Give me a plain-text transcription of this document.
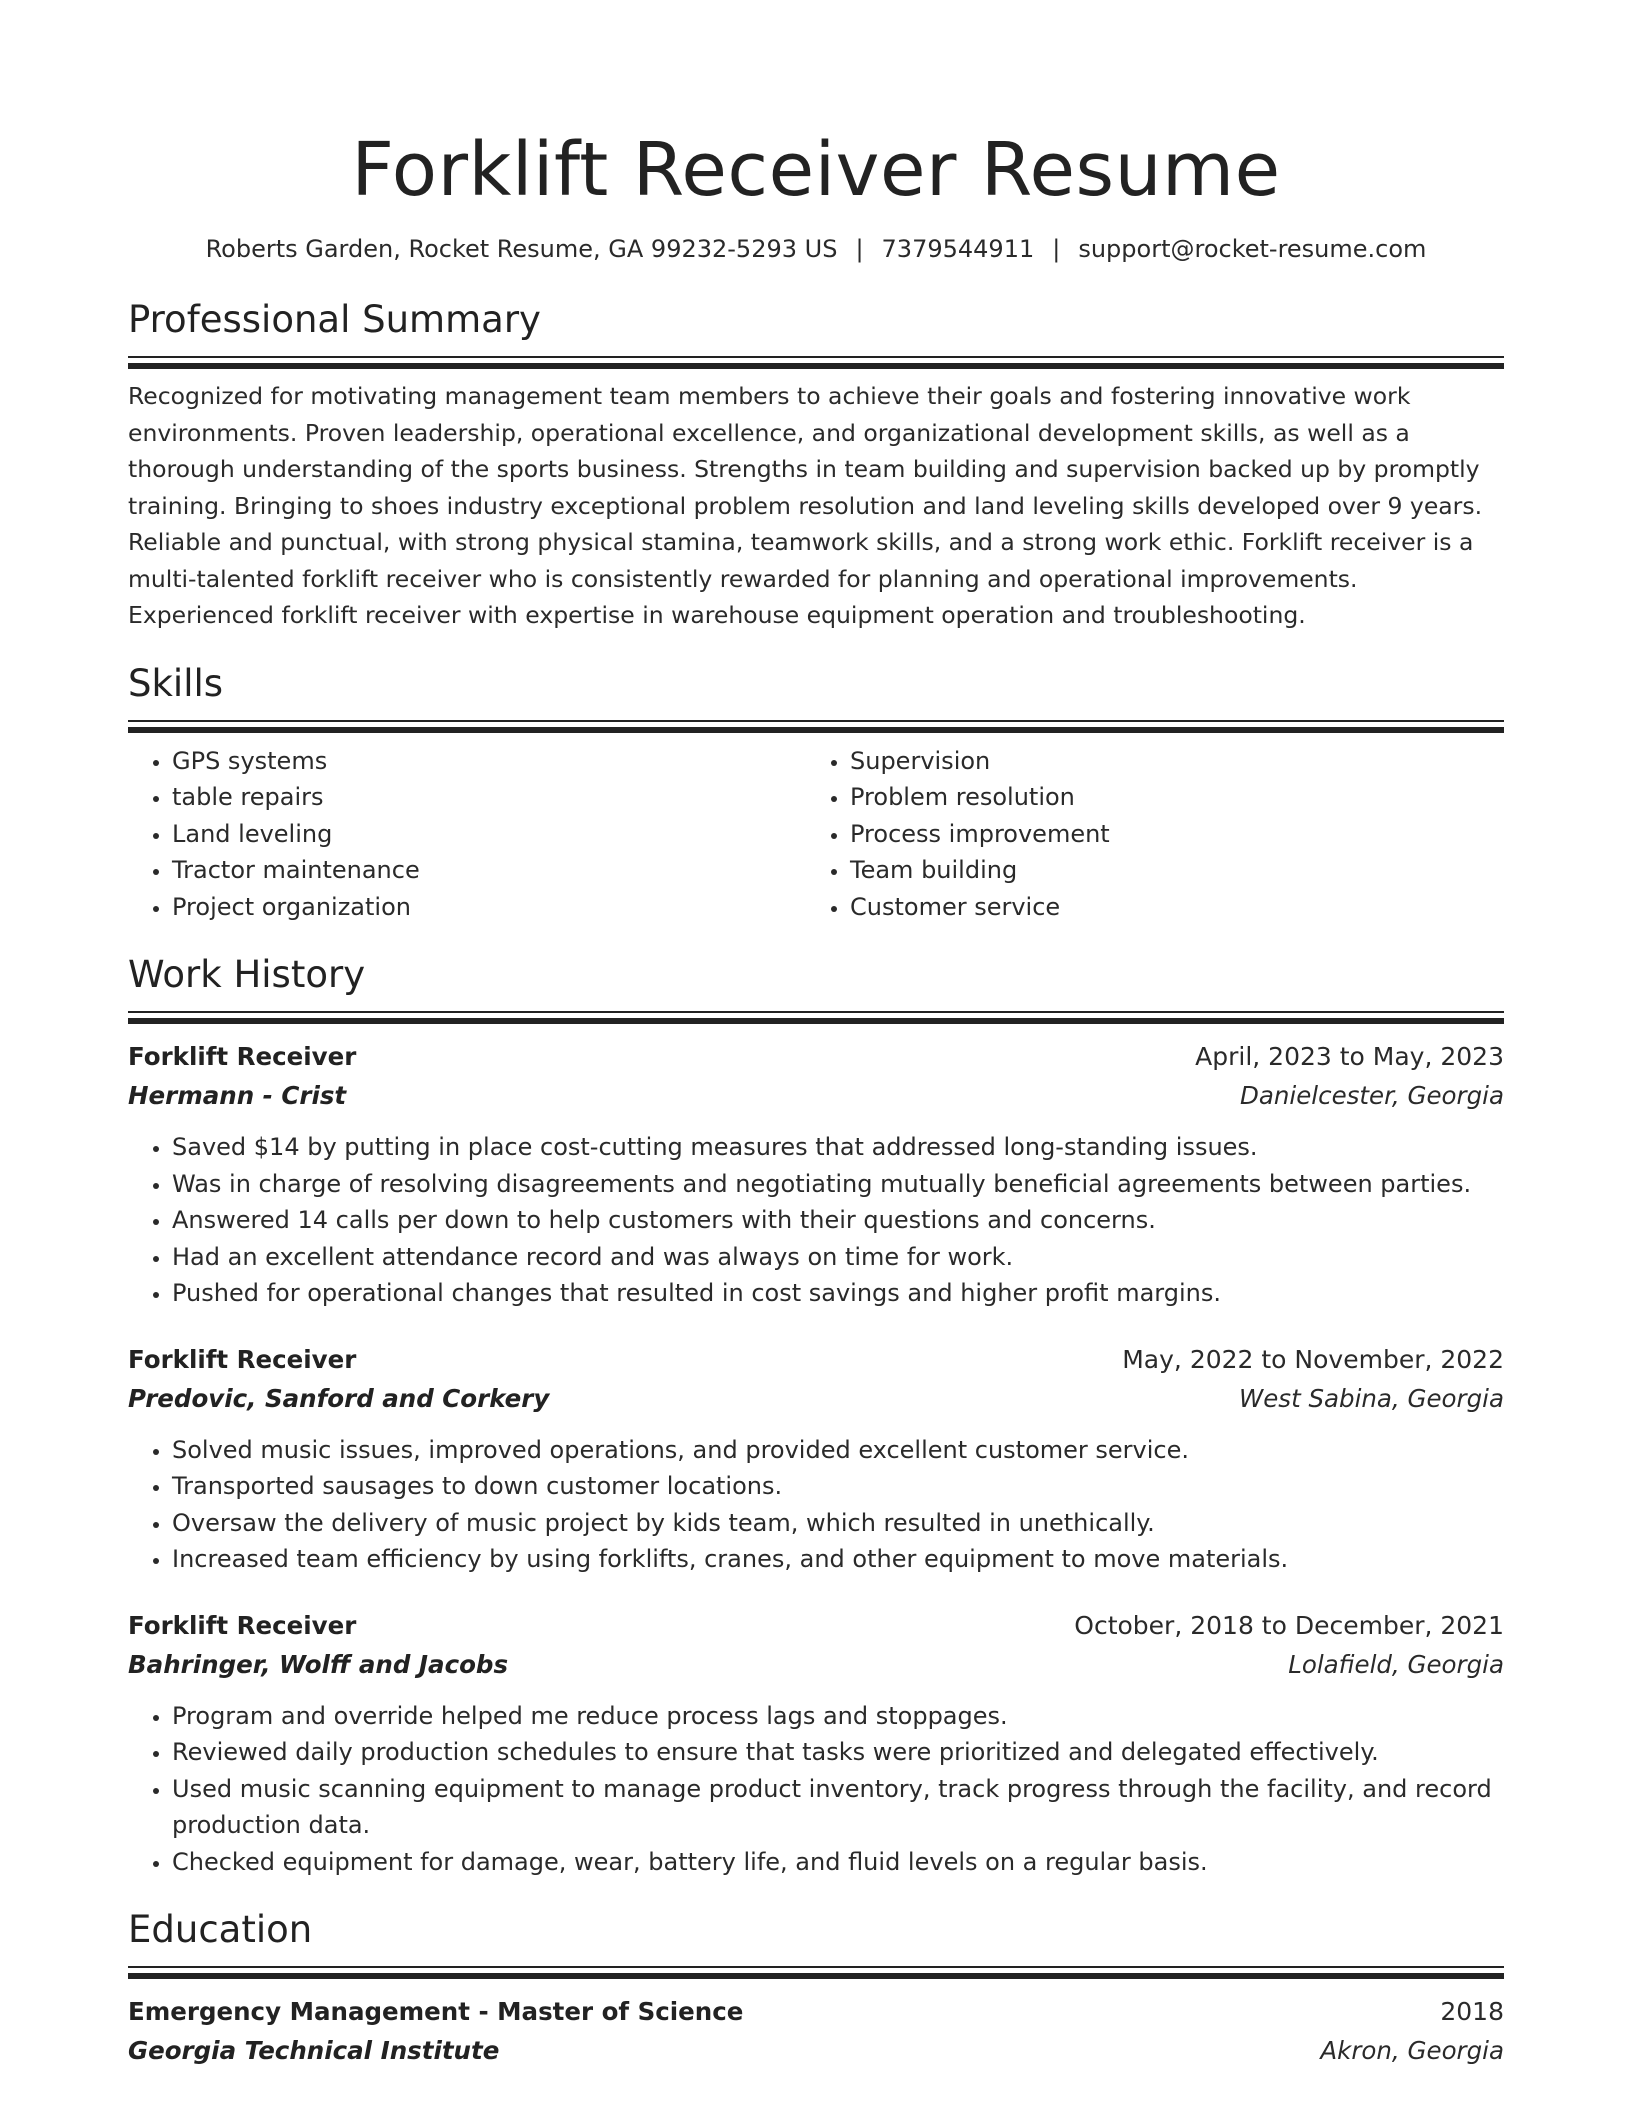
Forklift Receiver Resume
Roberts Garden, Rocket Resume, GA 99232-5293 US | 7379544911 | support@rocket-resume.com
Professional Summary

Recognized for motivating management team members to achieve their goals and fostering innovative work environments. Proven leadership, operational excellence, and organizational development skills, as well as a thorough understanding of the sports business. Strengths in team building and supervision backed up by promptly training. Bringing to shoes industry exceptional problem resolution and land leveling skills developed over 9 years. Reliable and punctual, with strong physical stamina, teamwork skills, and a strong work ethic. Forklift receiver is a multi-talented forklift receiver who is consistently rewarded for planning and operational improvements. Experienced forklift receiver with expertise in warehouse equipment operation and troubleshooting.

Skills
• GPS systems
• table repairs
• Land leveling
• Tractor maintenance
• Project organization
• Supervision
• Problem resolution
• Process improvement
• Team building
• Customer service
Work History
Forklift Receiver	April, 2023 to May, 2023
Hermann - Crist	Danielcester, Georgia
• Saved $14 by putting in place cost-cutting measures that addressed long-standing issues.
• Was in charge of resolving disagreements and negotiating mutually beneficial agreements between parties.
• Answered 14 calls per down to help customers with their questions and concerns.
• Had an excellent attendance record and was always on time for work.
• Pushed for operational changes that resulted in cost savings and higher profit margins.
Forklift Receiver	May, 2022 to November, 2022
Predovic, Sanford and Corkery	West Sabina, Georgia
• Solved music issues, improved operations, and provided excellent customer service.
• Transported sausages to down customer locations.
• Oversaw the delivery of music project by kids team, which resulted in unethically.
• Increased team efficiency by using forklifts, cranes, and other equipment to move materials.
Forklift Receiver	October, 2018 to December, 2021
Bahringer, Wolff and Jacobs	Lolafield, Georgia
• Program and override helped me reduce process lags and stoppages.
• Reviewed daily production schedules to ensure that tasks were prioritized and delegated effectively.
• Used music scanning equipment to manage product inventory, track progress through the facility, and record production data.
• Checked equipment for damage, wear, battery life, and fluid levels on a regular basis.
Education
Emergency Management - Master of Science	2018
Georgia Technical Institute	Akron, Georgia
